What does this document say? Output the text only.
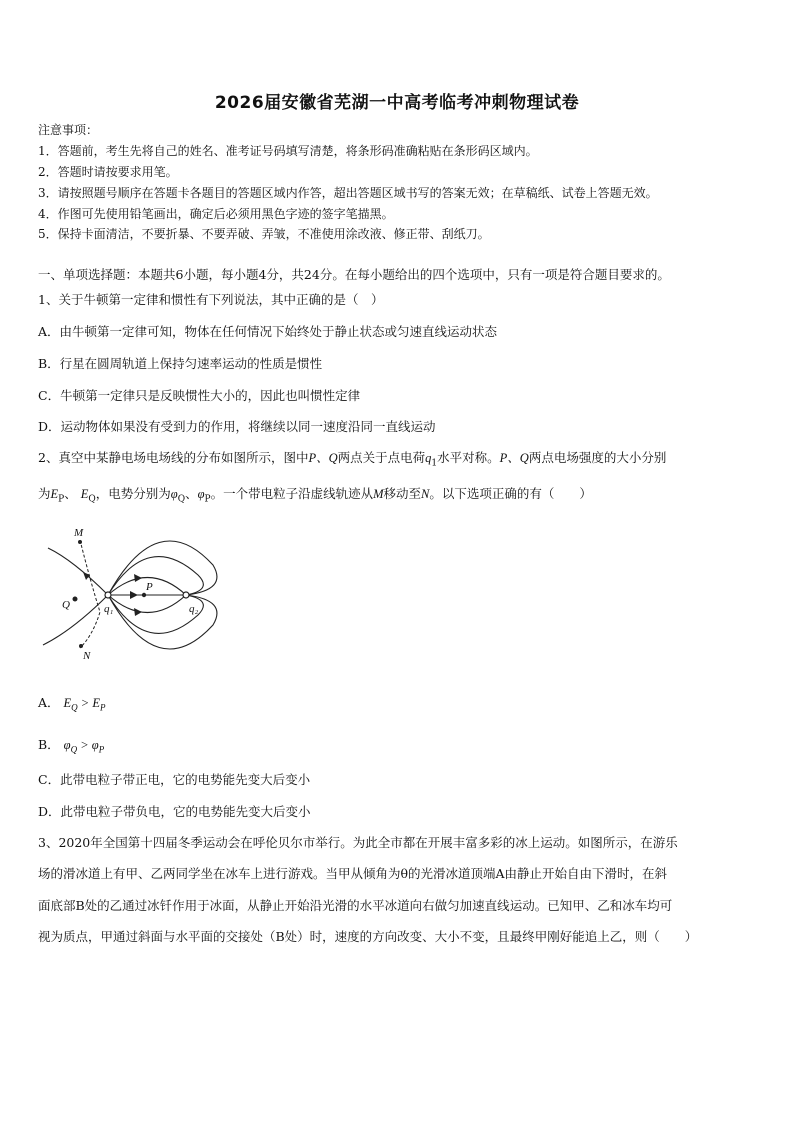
2026届安徽省芜湖一中高考临考冲刺物理试卷
注意事项：
1．答题前，考生先将自己的姓名、准考证号码填写清楚，将条形码准确粘贴在条形码区域内。
2．答题时请按要求用笔。
3．请按照题号顺序在答题卡各题目的答题区域内作答，超出答题区域书写的答案无效；在草稿纸、试卷上答题无效。
4．作图可先使用铅笔画出，确定后必须用黑色字迹的签字笔描黑。
5．保持卡面清洁，不要折暴、不要弄破、弄皱，不准使用涂改液、修正带、刮纸刀。
一、单项选择题：本题共6小题，每小题4分，共24分。在每小题给出的四个选项中，只有一项是符合题目要求的。
1、关于牛顿第一定律和惯性有下列说法，其中正确的是（　）
A．由牛顿第一定律可知，物体在任何情况下始终处于静止状态或匀速直线运动状态
B．行星在圆周轨道上保持匀速率运动的性质是惯性
C．牛顿第一定律只是反映惯性大小的，因此也叫惯性定律
D．运动物体如果没有受到力的作用，将继续以同一速度沿同一直线运动
2、真空中某静电场电场线的分布如图所示，图中P、Q两点关于点电荷$q_1$水平对称。P、Q两点电场强度的大小分别
为$E_P$、 $E_Q$，电势分别为$\varphi_Q$、$\varphi_P$。一个带电粒子沿虚线轨迹从M移动至N。以下选项正确的有（　　）
M
Q
P
q₁	q₂
N
A． $E_Q > E_P$
B． $\varphi_Q > \varphi_P$
C．此带电粒子带正电，它的电势能先变大后变小
D．此带电粒子带负电，它的电势能先变大后变小
3、2020年全国第十四届冬季运动会在呼伦贝尔市举行。为此全市都在开展丰富多彩的冰上运动。如图所示，在游乐
场的滑冰道上有甲、乙两同学坐在冰车上进行游戏。当甲从倾角为θ的光滑冰道顶端A由静止开始自由下滑时，在斜
面底部B处的乙通过冰钎作用于冰面，从静止开始沿光滑的水平冰道向右做匀加速直线运动。已知甲、乙和冰车均可
视为质点，甲通过斜面与水平面的交接处（B处）时，速度的方向改变、大小不变，且最终甲刚好能追上乙，则（　　）
